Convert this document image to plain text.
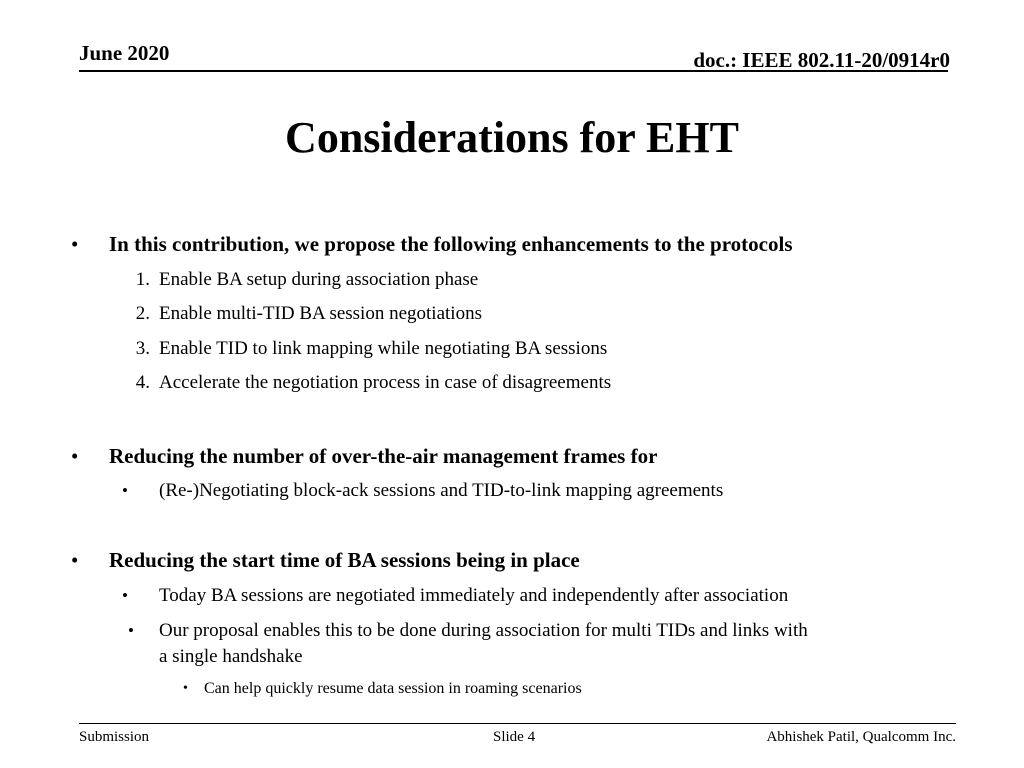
June 2020	doc.: IEEE 802.11-20/0914r0
Considerations for EHT
• In this contribution, we propose the following enhancements to the protocols
1. Enable BA setup during association phase
2. Enable multi-TID BA session negotiations
3. Enable TID to link mapping while negotiating BA sessions
4. Accelerate the negotiation process in case of disagreements
• Reducing the number of over-the-air management frames for
• (Re-)Negotiating block-ack sessions and TID-to-link mapping agreements
• Reducing the start time of BA sessions being in place
• Today BA sessions are negotiated immediately and independently after association
• Our proposal enables this to be done during association for multi TIDs and links with
a single handshake
• Can help quickly resume data session in roaming scenarios
Submission	Slide 4	Abhishek Patil, Qualcomm Inc.
